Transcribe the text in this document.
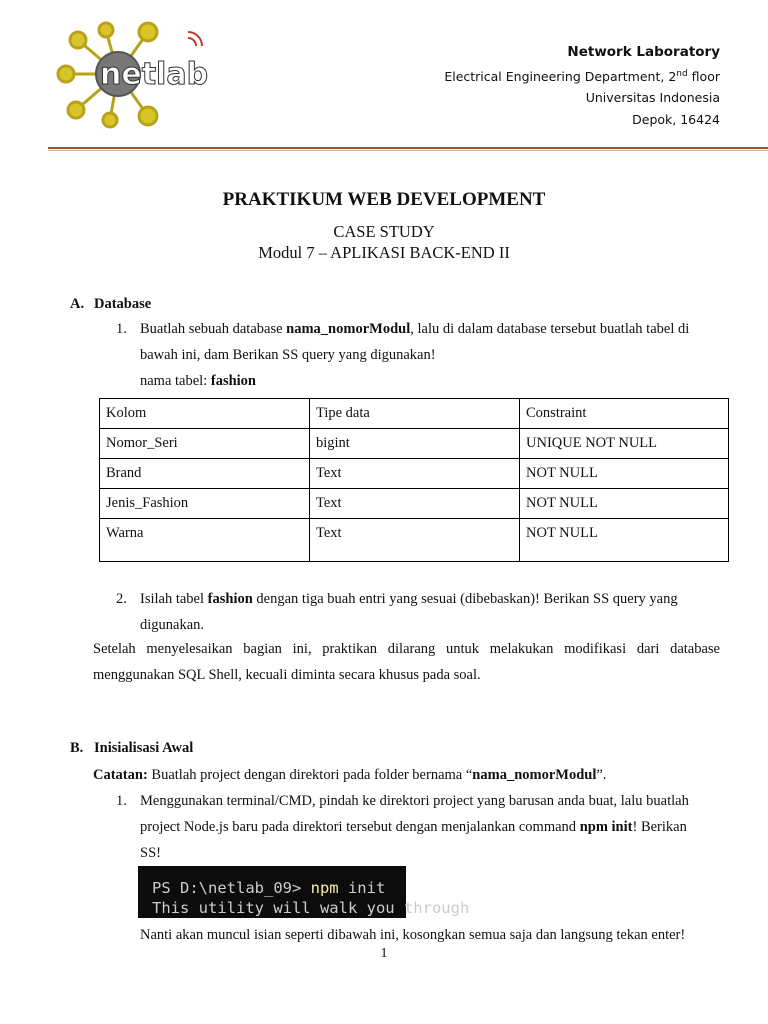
netlab
Network Laboratory
Electrical Engineering Department, 2nd floor
Universitas Indonesia
Depok, 16424
PRAKTIKUM WEB DEVELOPMENT
CASE STUDY
Modul 7 – APLIKASI BACK-END II
A. Database
1. Buatlah sebuah database nama_nomorModul, lalu di dalam database tersebut buatlah tabel di
bawah ini, dam Berikan SS query yang digunakan!
nama tabel: fashion
Kolom	Tipe data	Constraint
Nomor_Seri	bigint	UNIQUE NOT NULL
Brand	Text	NOT NULL
Jenis_Fashion	Text	NOT NULL
Warna	Text	NOT NULL
2. Isilah tabel fashion dengan tiga buah entri yang sesuai (dibebaskan)! Berikan SS query yang
digunakan.
Setelah menyelesaikan bagian ini, praktikan dilarang untuk melakukan modifikasi dari database
menggunakan SQL Shell, kecuali diminta secara khusus pada soal.
B. Inisialisasi Awal
Catatan: Buatlah project dengan direktori pada folder bernama “nama_nomorModul”.
1. Menggunakan terminal/CMD, pindah ke direktori project yang barusan anda buat, lalu buatlah
project Node.js baru pada direktori tersebut dengan menjalankan command npm init! Berikan
SS!
PS D:\netlab_09> npm init
This utility will walk you through
Nanti akan muncul isian seperti dibawah ini, kosongkan semua saja dan langsung tekan enter!
1
